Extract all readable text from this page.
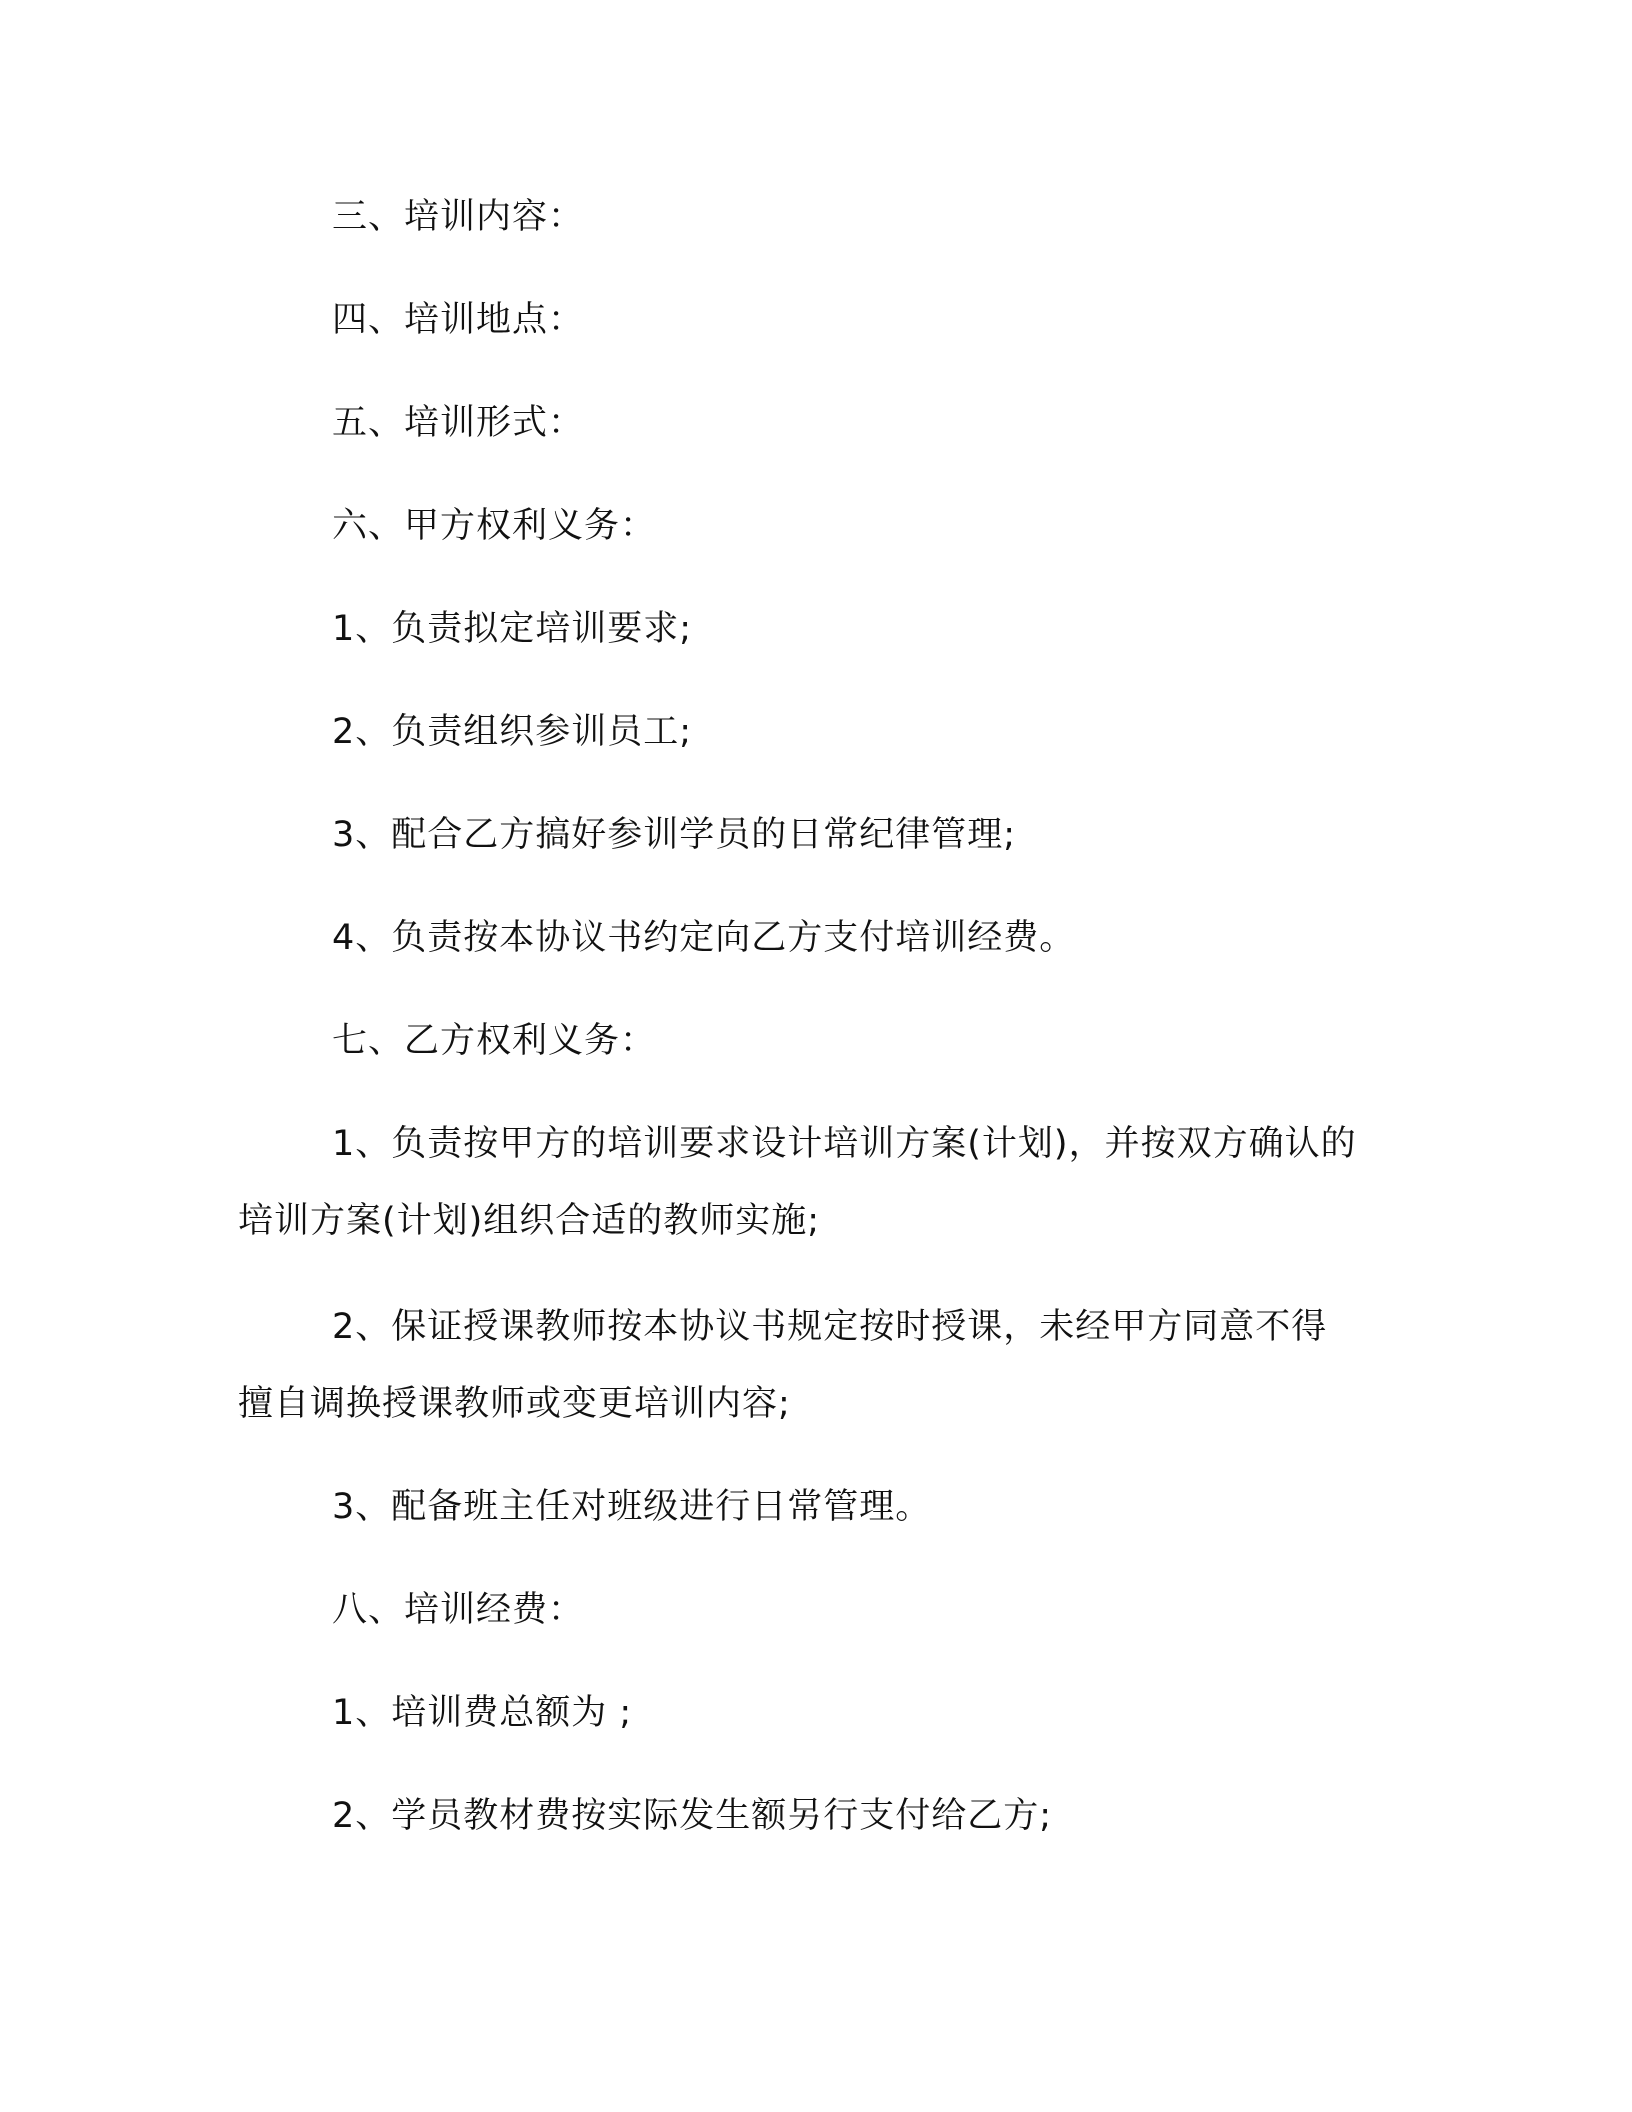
三、培训内容：
四、培训地点：
五、培训形式：
六、甲方权利义务：
1、负责拟定培训要求;
2、负责组织参训员工;
3、配合乙方搞好参训学员的日常纪律管理;
4、负责按本协议书约定向乙方支付培训经费。
七、乙方权利义务：
1、负责按甲方的培训要求设计培训方案(计划)，并按双方确认的
培训方案(计划)组织合适的教师实施;
2、保证授课教师按本协议书规定按时授课，未经甲方同意不得
擅自调换授课教师或变更培训内容;
3、配备班主任对班级进行日常管理。
八、培训经费：
1、培训费总额为 ;
2、学员教材费按实际发生额另行支付给乙方;
